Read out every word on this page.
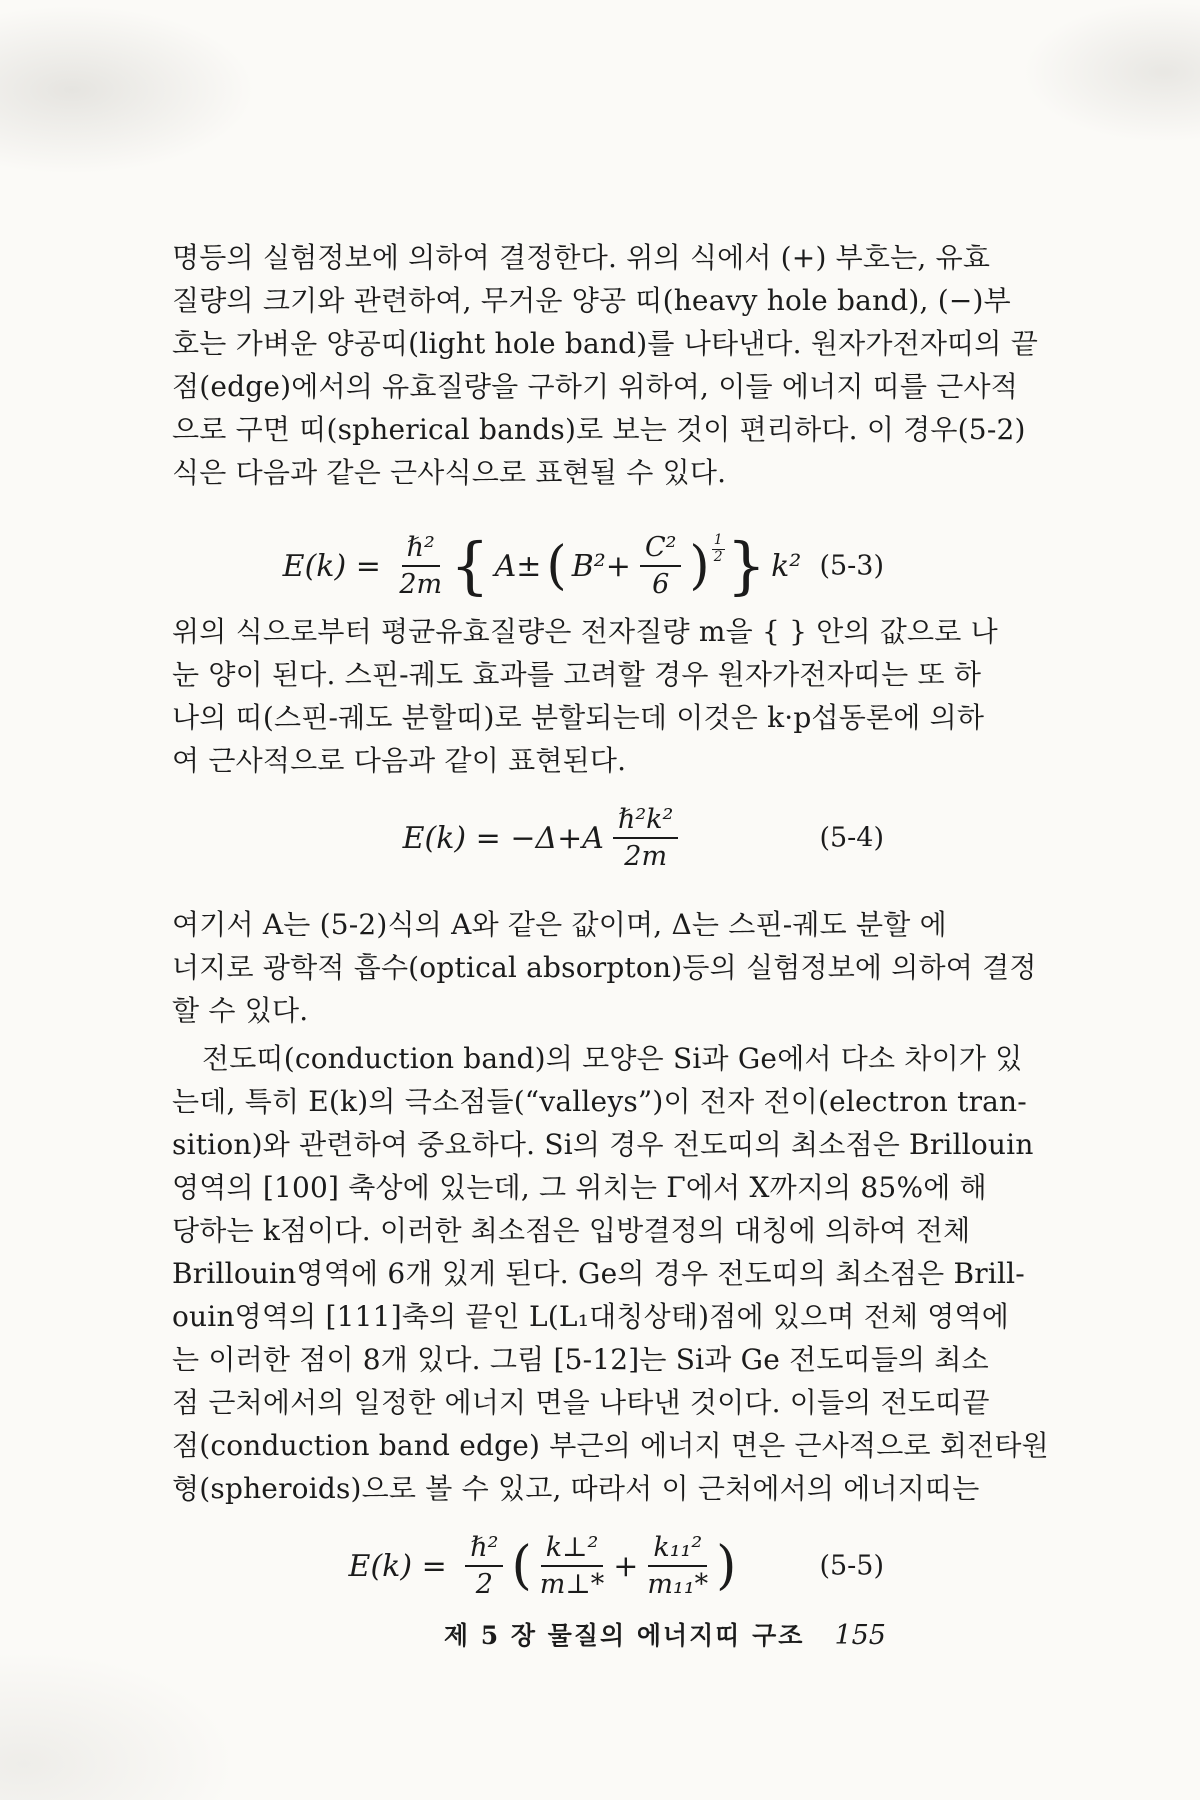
명등의 실험정보에 의하여 결정한다. 위의 식에서 (+) 부호는, 유효
질량의 크기와 관련하여, 무거운 양공 띠(heavy hole band), (−)부
호는 가벼운 양공띠(light hole band)를 나타낸다. 원자가전자띠의 끝
점(edge)에서의 유효질량을 구하기 위하여, 이들 에너지 띠를 근사적
으로 구면 띠(spherical bands)로 보는 것이 편리하다. 이 경우(5-2)
식은 다음과 같은 근사식으로 표현될 수 있다.
$E(k) = \frac{\text{ℏ²}}{2m}$ { A± ( $B^2+ \frac{\text{C²}}{6}$ ) $\frac{1}{2}$ } k² (5-3)
위의 식으로부터 평균유효질량은 전자질량 m을 { } 안의 값으로 나
눈 양이 된다. 스핀-궤도 효과를 고려할 경우 원자가전자띠는 또 하
나의 띠(스핀-궤도 분할띠)로 분할되는데 이것은 k·p섭동론에 의하
여 근사적으로 다음과 같이 표현된다.
$E(k) = -\Delta+A \frac{\text{ℏ²k²}}{2m}$	(5-4)
여기서 A는 (5-2)식의 A와 같은 값이며, Δ는 스핀-궤도 분할 에
너지로 광학적 흡수(optical absorpton)등의 실험정보에 의하여 결정
할 수 있다.
전도띠(conduction band)의 모양은 Si과 Ge에서 다소 차이가 있
는데, 특히 E(k)의 극소점들(“valleys”)이 전자 전이(electron tran-
sition)와 관련하여 중요하다. Si의 경우 전도띠의 최소점은 Brillouin
영역의 [100] 축상에 있는데, 그 위치는 Γ에서 X까지의 85%에 해
당하는 k점이다. 이러한 최소점은 입방결정의 대칭에 의하여 전체
Brillouin영역에 6개 있게 된다. Ge의 경우 전도띠의 최소점은 Brill-
ouin영역의 [111]축의 끝인 L(L₁대칭상태)점에 있으며 전체 영역에
는 이러한 점이 8개 있다. 그림 [5-12]는 Si과 Ge 전도띠들의 최소
점 근처에서의 일정한 에너지 면을 나타낸 것이다. 이들의 전도띠끝
점(conduction band edge) 부근의 에너지 면은 근사적으로 회전타원
형(spheroids)으로 볼 수 있고, 따라서 이 근처에서의 에너지띠는
$E(k) = \frac{\text{ℏ²}}{2}$ ( $\frac{\text{k⊥²}}{m\perp*} + \frac{\text{k₁₁²}}{\text{m₁₁*}}$ )	(5-5)
제 5 장 물질의 에너지띠 구조 155
